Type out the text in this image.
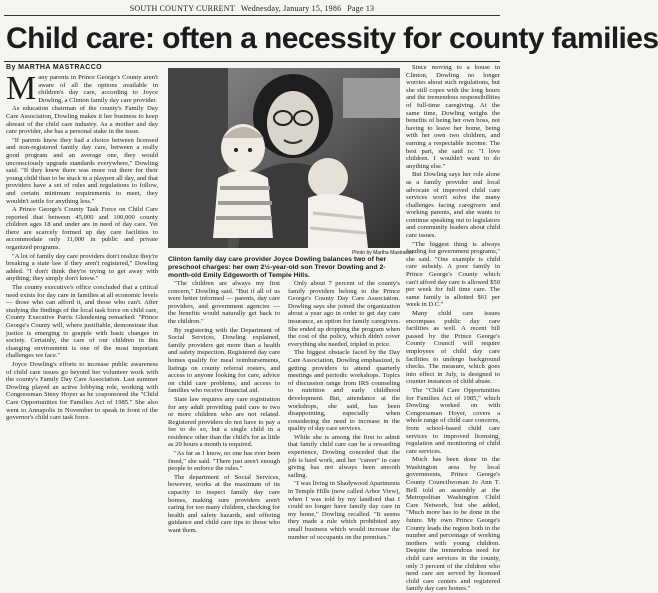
SOUTH COUNTY CURRENT Wednesday, January 15, 1986 Page 13
Child care: often a necessity for county families
By MARTHA MASTRACCO

Many parents in Prince George's County aren't aware of all the options available in children's day care, according to Joyce Dowling, a Clinton family day care provider.

As education chairman of the county's Family Day Care Association, Dowling makes it her business to keep abreast of the child care industry. As a mother and day care provider, she has a personal stake in the issue.

"If parents knew they had a choice between licensed and non-registered family day care, between a really good program and an average one, they would unconsciously upgrade standards everywhere," Dowling said. "If they knew there was more out there for their young child than to be stuck in a playpen all day, and that providers have a set of rules and regulations to follow, and certain minimum requirements to meet, they wouldn't settle for anything less."

A Prince George's County Task Force on Child Care reported that between 45,000 and 100,000 county children ages 18 and under are in need of day care. Yet there are scarcely formed up day care facilities to accommodate only 11,000 in public and private organized programs.

"A lot of family day care providers don't realize they're breaking a state law if they aren't registered," Dowling added. "I don't think they're trying to get away with anything; they simply don't know."

The county executive's office concluded that a critical need exists for day care in families at all economic levels — those who can afford it, and those who can't. After studying the findings of the local task force on child care, County Executive Parris Glendening remarked: "Prince George's County will, where justifiable, demonstrate that justice is emerging to grapple with basic changes in society. Certainly, the care of our children in this changing environment is one of the most important challenges we face."

Joyce Dowling's efforts to increase public awareness of child care issues go beyond her volunteer work with the county's Family Day Care Association. Last summer Dowling played an active lobbying role, working with Congressman Steny Hoyer as he cosponsored the "Child Care Opportunities for Families Act of 1985." She also went to Annapolis in November to speak in front of the governor's child care task force.

Photo by Martha Mastracco
Clinton family day care provider Joyce Dowling balances two of her preschool charges: her own 2½-year-old son Trevor Dowling and 2-month-old Emily Edgeworth of Temple Hills.

"The children are always my first concern," Dowling said. "But if all of us were better informed — parents, day care providers, and government agencies — the benefits would naturally get back to the children."

By registering with the Department of Social Services, Dowling explained, family providers get more than a health and safety inspection. Registered day care homes qualify for meal reimbursements, listings on county referral rosters, and access to anyone looking for care, advice on child care problems, and access to families who receive financial aid.

State law requires any care registration for any adult providing paid care to two or more children who are not related. Registered providers do not have to pay a fee to do so, but a single child in a residence other than the child's for as little as 20 hours a month is required.

"As far as I know, no one has ever been fined," she said. "There just aren't enough people to enforce the rules."

The department of Social Services, however, works at the maximum of its capacity to inspect family day care homes, making sure providers aren't caring for too many children, checking for health and safety hazards, and offering guidance and child care tips to those who want them.

Only about 7 percent of the county's family providers belong to the Prince George's County Day Care Association. Dowling says she joined the organization about a year ago in order to get day care insurance, an option for family caregivers. She ended up dropping the program when the cost of the policy, which didn't cover everything she needed, tripled in price.

The biggest obstacle faced by the Day Care Association, Dowling emphasized, is getting providers to attend quarterly meetings and periodic workshops. Topics of discussion range from IRS counseling to nutrition and early childhood development. But, attendance at the workshops, she said, has been disappointing, especially when considering the need to increase in the quality of day care services.

While she is among the first to admit that family child care can be a rewarding experience, Dowling conceded that the job is hard work, and her "career" in care giving has not always been smooth sailing.

"I was living in Shadywood Apartments in Temple Hills (now called Arbor View), when I was told by my landlord that I could no longer have family day care in my home," Dowling recalled. "It seems they made a rule which prohibited any small business which would increase the number of occupants on the premises."

Since moving to a house in Clinton, Dowling no longer worries about such regulations, but she still copes with the long hours and the tremendous responsibilities of full-time caregiving. At the same time, Dowling weighs the benefits of being her own boss, not having to leave her home, being with her own two children, and earning a respectable income. The best part, she said is: "I love children. I wouldn't want to do anything else."

But Dowling says her role alone as a family provider and local advocate of improved child care services won't solve the many challenges facing caregivers and working parents, and she wants to continue speaking out to legislators and community leaders about child care issues.

"The biggest thing is always funding for government programs," she said. "One example is child care subsidy. A poor family in Prince George's County which can't afford day care is allowed $50 per week for full time care. The same family is allotted $61 per week in D.C."

Many child care issues encompass public day care facilities as well. A recent bill passed by the Prince George's County Council will require employees of child day care facilities to undergo background checks. The measure, which goes into effect in July, is designed to counter instances of child abuse.

The "Child Care Opportunities for Families Act of 1985," which Dowling worked on with Congressman Hoyer, covers a whole range of child care concerns, from school-based child care services to improved licensing, regulation and monitoring of child care services.

Much has been done in the Washington area by local governments, Prince George's County Councilwoman Jo Ann T. Bell told an assembly at the Metropolitan Washington Child Care Network, but she added, "Much more has to be done in the future. My own Prince George's County leads the region both in the number and percentage of working mothers with young children. Despite the tremendous need for child care services in the county, only 3 percent of the children who need care are served by licensed child care centers and registered family day care homes."
